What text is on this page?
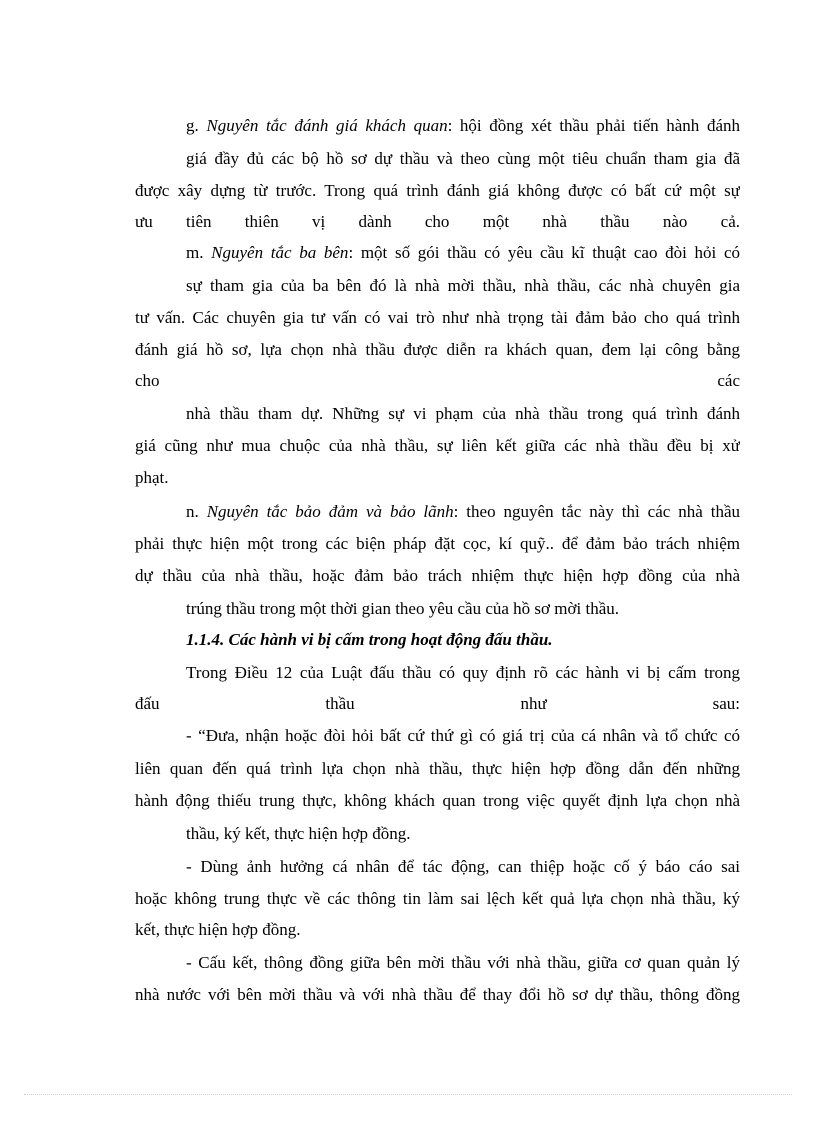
g. Nguyên tắc đánh giá khách quan: hội đồng xét thầu phải tiến hành đánh
giá đầy đủ các bộ hồ sơ dự thầu và theo cùng một tiêu chuẩn tham gia đã
được xây dựng từ trước. Trong quá trình đánh giá không được có bất cứ một sự
ưu tiên thiên vị dành cho một nhà thầu nào cả.
m. Nguyên tắc ba bên: một số gói thầu có yêu cầu kĩ thuật cao đòi hỏi có
sự tham gia của ba bên đó là nhà mời thầu, nhà thầu, các nhà chuyên gia
tư vấn. Các chuyên gia tư vấn có vai trò như nhà trọng tài đảm bảo cho quá trình
đánh giá hồ sơ, lựa chọn nhà thầu được diễn ra khách quan, đem lại công bằng
cho các
nhà thầu tham dự. Những sự vi phạm của nhà thầu trong quá trình đánh
giá cũng như mua chuộc của nhà thầu, sự liên kết giữa các nhà thầu đều bị xử
phạt.
n. Nguyên tắc bảo đảm và bảo lãnh: theo nguyên tắc này thì các nhà thầu
phải thực hiện một trong các biện pháp đặt cọc, kí quỹ.. để đảm bảo trách nhiệm
dự thầu của nhà thầu, hoặc đảm bảo trách nhiệm thực hiện hợp đồng của nhà
trúng thầu trong một thời gian theo yêu cầu của hồ sơ mời thầu.
1.1.4. Các hành vi bị cấm trong hoạt động đấu thầu.
Trong Điều 12 của Luật đấu thầu có quy định rõ các hành vi bị cấm trong
đấu thầu như sau:
- “Đưa, nhận hoặc đòi hỏi bất cứ thứ gì có giá trị của cá nhân và tổ chức có
liên quan đến quá trình lựa chọn nhà thầu, thực hiện hợp đồng dẫn đến những
hành động thiếu trung thực, không khách quan trong việc quyết định lựa chọn nhà
thầu, ký kết, thực hiện hợp đồng.
- Dùng ảnh hưởng cá nhân để tác động, can thiệp hoặc cố ý báo cáo sai
hoặc không trung thực về các thông tin làm sai lệch kết quả lựa chọn nhà thầu, ký
kết, thực hiện hợp đồng.
- Cấu kết, thông đồng giữa bên mời thầu với nhà thầu, giữa cơ quan quản lý
nhà nước với bên mời thầu và với nhà thầu để thay đổi hồ sơ dự thầu, thông đồng
